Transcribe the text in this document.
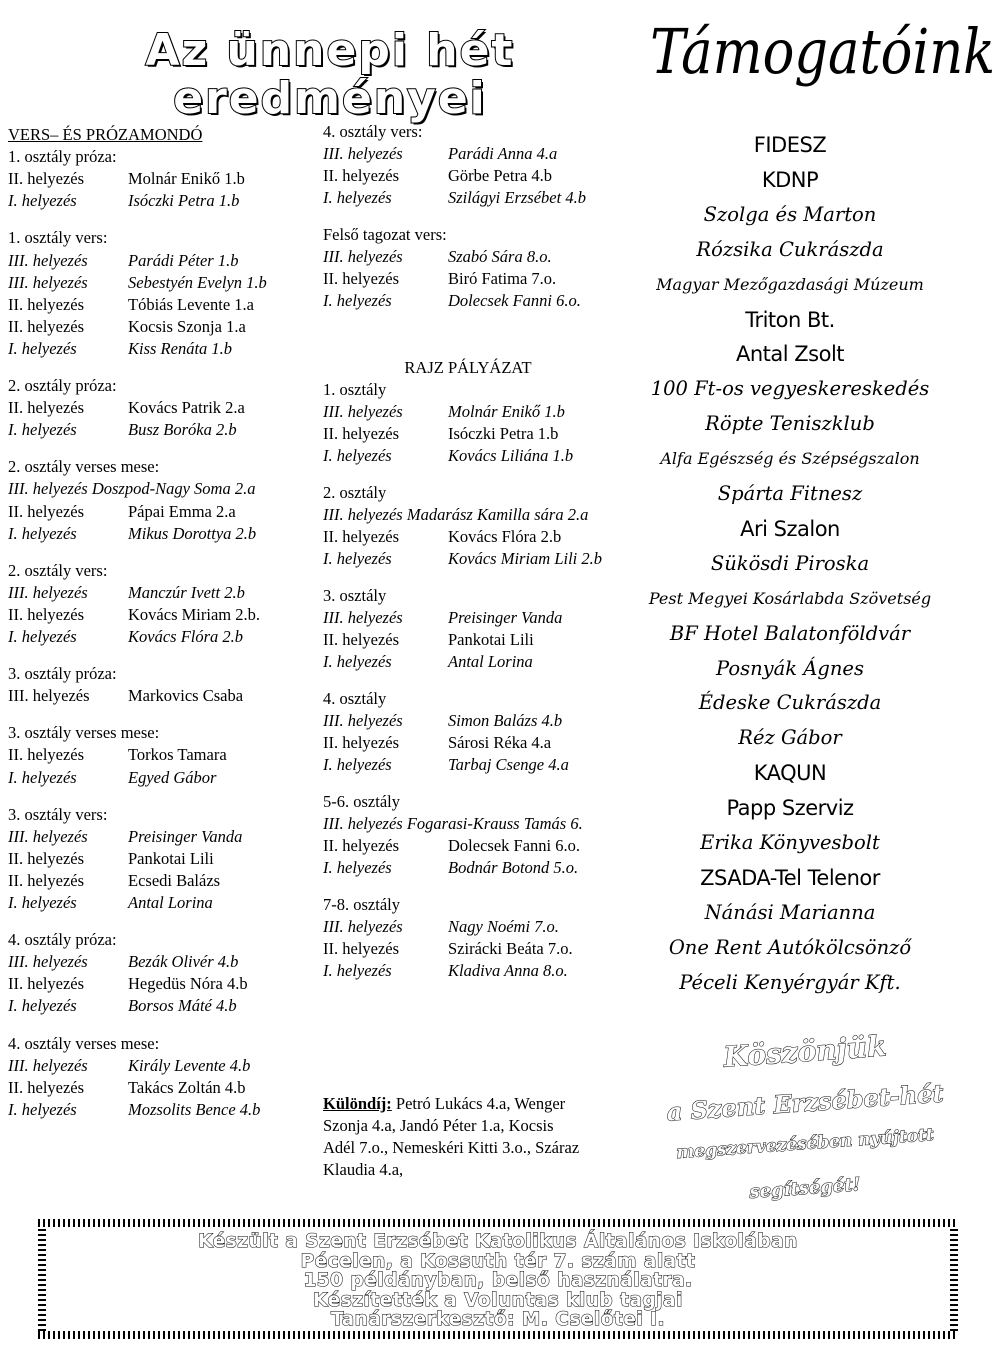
Az ünnepi hét
eredményei
VERS– ÉS PRÓZAMONDÓ
1. osztály próza:
II. helyezés	Molnár Enikő 1.b
I. helyezés	Isóczki Petra 1.b
1. osztály vers:
III. helyezés Parádi Péter 1.b
III. helyezés Sebestyén Evelyn 1.b
II. helyezés	Tóbiás Levente 1.a
II. helyezés	Kocsis Szonja 1.a
I. helyezés	Kiss Renáta 1.b
2. osztály próza:
II. helyezés	Kovács Patrik 2.a
I. helyezés	Busz Boróka 2.b
2. osztály verses mese:
III. helyezés Doszpod-Nagy Soma 2.a
II. helyezés	Pápai Emma 2.a
I. helyezés	Mikus Dorottya 2.b
2. osztály vers:
III. helyezés Manczúr Ivett 2.b
II. helyezés	Kovács Miriam 2.b.
I. helyezés	Kovács Flóra 2.b
3. osztály próza:
III. helyezés Markovics Csaba
3. osztály verses mese:
II. helyezés	Torkos Tamara
I. helyezés	Egyed Gábor
3. osztály vers:
III. helyezés Preisinger Vanda
II. helyezés	Pankotai Lili
II. helyezés	Ecsedi Balázs
I. helyezés	Antal Lorina
4. osztály próza:
III. helyezés Bezák Olivér 4.b
II. helyezés	Hegedüs Nóra 4.b
I. helyezés	Borsos Máté 4.b
4. osztály verses mese:
III. helyezés Király Levente 4.b
II. helyezés	Takács Zoltán 4.b
I. helyezés	Mozsolits Bence 4.b
4. osztály vers:
III. helyezés	Parádi Anna 4.a
II. helyezés	Görbe Petra 4.b
I. helyezés	Szilágyi Erzsébet 4.b
Felső tagozat vers:
III. helyezés	Szabó Sára 8.o.
II. helyezés	Biró Fatima 7.o.
I. helyezés	Dolecsek Fanni 6.o.
RAJZ PÁLYÁZAT
1. osztály
III. helyezés	Molnár Enikő 1.b
II. helyezés	Isóczki Petra 1.b
I. helyezés	Kovács Liliána 1.b
2. osztály
III. helyezés Madarász Kamilla sára 2.a
II. helyezés	Kovács Flóra 2.b
I. helyezés	Kovács Miriam Lili 2.b
3. osztály
III. helyezés	Preisinger Vanda
II. helyezés	Pankotai Lili
I. helyezés	Antal Lorina
4. osztály
III. helyezés	Simon Balázs 4.b
II. helyezés	Sárosi Réka 4.a
I. helyezés	Tarbaj Csenge 4.a
5-6. osztály
III. helyezés Fogarasi-Krauss Tamás 6.
II. helyezés	Dolecsek Fanni 6.o.
I. helyezés	Bodnár Botond 5.o.
7-8. osztály
III. helyezés	Nagy Noémi 7.o.
II. helyezés	Szirácki Beáta 7.o.
I. helyezés	Kladiva Anna 8.o.
Különdíj: Petró Lukács 4.a, Wenger
Szonja 4.a, Jandó Péter 1.a, Kocsis
Adél 7.o., Nemeskéri Kitti 3.o., Száraz
Klaudia 4.a,
Támogatóink
FIDESZ
KDNP
Szolga és Marton
Rózsika Cukrászda
Magyar Mezőgazdasági Múzeum
Triton Bt.
Antal Zsolt
100 Ft-os vegyeskereskedés
Röpte Teniszklub
Alfa Egészség és Szépségszalon
Spárta Fitnesz
Ari Szalon
Sükösdi Piroska
Pest Megyei Kosárlabda Szövetség
BF Hotel Balatonföldvár
Posnyák Ágnes
Édeske Cukrászda
Réz Gábor
KAQUN
Papp Szerviz
Erika Könyvesbolt
ZSADA-Tel Telenor
Nánási Marianna
One Rent Autókölcsönző
Péceli Kenyérgyár Kft.
Köszönjük
a Szent Erzsébet-hét
megszervezésében nyújtott
segítségét!
Készült a Szent Erzsébet Katolikus Általános Iskolában
Pécelen, a Kossuth tér 7. szám alatt
150 példányban, belső használatra.
Készítették a Voluntas klub tagjai
Tanárszerkesztő: M. Cselőtei I.
